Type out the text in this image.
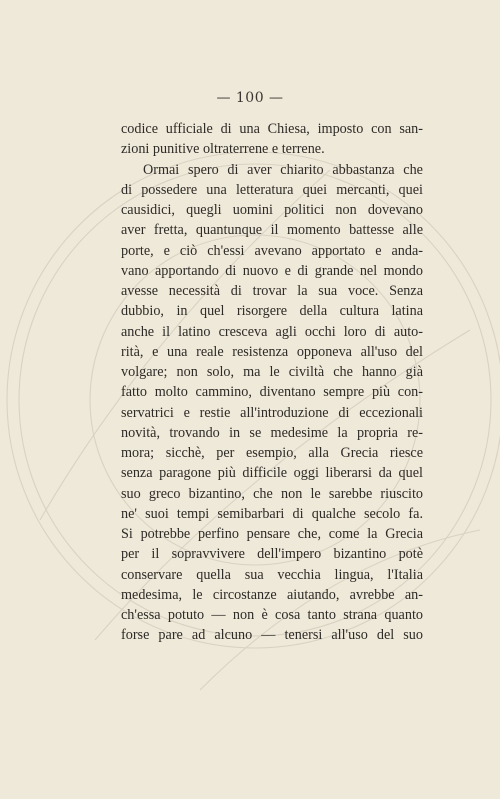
— 100 —
codice ufficiale di una Chiesa, imposto con san-
zioni punitive oltraterrene e terrene.
Ormai spero di aver chiarito abbastanza che
di possedere una letteratura quei mercanti, quei
causidici, quegli uomini politici non dovevano
aver fretta, quantunque il momento battesse alle
porte, e ciò ch'essi avevano apportato e anda-
vano apportando di nuovo e di grande nel mondo
avesse necessità di trovar la sua voce. Senza
dubbio, in quel risorgere della cultura latina
anche il latino cresceva agli occhi loro di auto-
rità, e una reale resistenza opponeva all'uso del
volgare; non solo, ma le civiltà che hanno già
fatto molto cammino, diventano sempre più con-
servatrici e restie all'introduzione di eccezionali
novità, trovando in se medesime la propria re-
mora; sicchè, per esempio, alla Grecia riesce
senza paragone più difficile oggi liberarsi da quel
suo greco bizantino, che non le sarebbe riuscito
ne' suoi tempi semibarbari di qualche secolo fa.
Si potrebbe perfino pensare che, come la Grecia
per il sopravvivere dell'impero bizantino potè
conservare quella sua vecchia lingua, l'Italia
medesima, le circostanze aiutando, avrebbe an-
ch'essa potuto — non è cosa tanto strana quanto
forse pare ad alcuno — tenersi all'uso del suo
